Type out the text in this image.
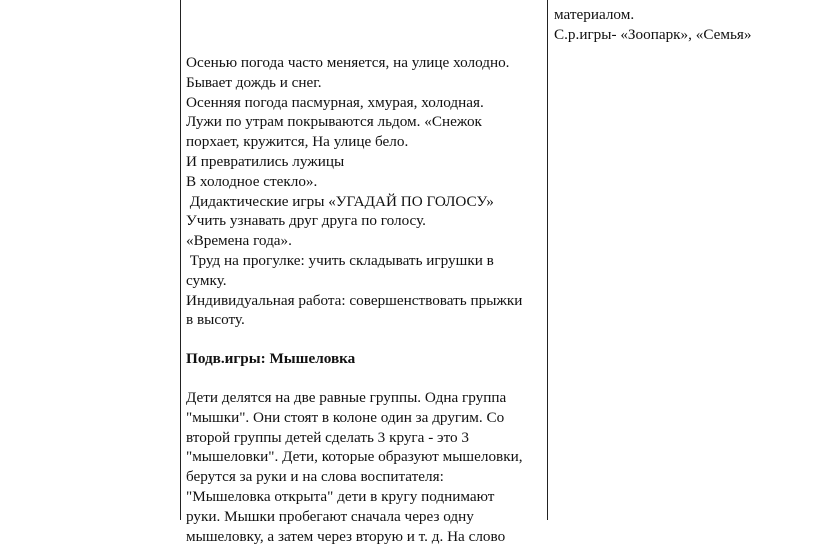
Осенью погода часто меняется, на улице холодно.
Бывает дождь и снег.
Осенняя погода пасмурная, хмурая, холодная.
Лужи по утрам покрываются льдом. «Снежок
порхает, кружится, На улице бело.
И превратились лужицы
В холодное стекло».
Дидактические игры «УГАДАЙ ПО ГОЛОСУ»
Учить узнавать друг друга по голосу.
«Времена года».
Труд на прогулке: учить складывать игрушки в
сумку.
Индивидуальная работа: совершенствовать прыжки
в высоту.
Подв.игры: Мышеловка
Дети делятся на две равные группы. Одна группа
"мышки". Они стоят в колоне один за другим. Со
второй группы детей сделать 3 круга - это 3
"мышеловки". Дети, которые образуют мышеловки,
берутся за руки и на слова воспитателя:
"Мышеловка открыта" дети в кругу поднимают
руки. Мышки пробегают сначала через одну
мышеловку, а затем через вторую и т. д. На слово
материалом.
С.р.игры- «Зоопарк», «Семья»
